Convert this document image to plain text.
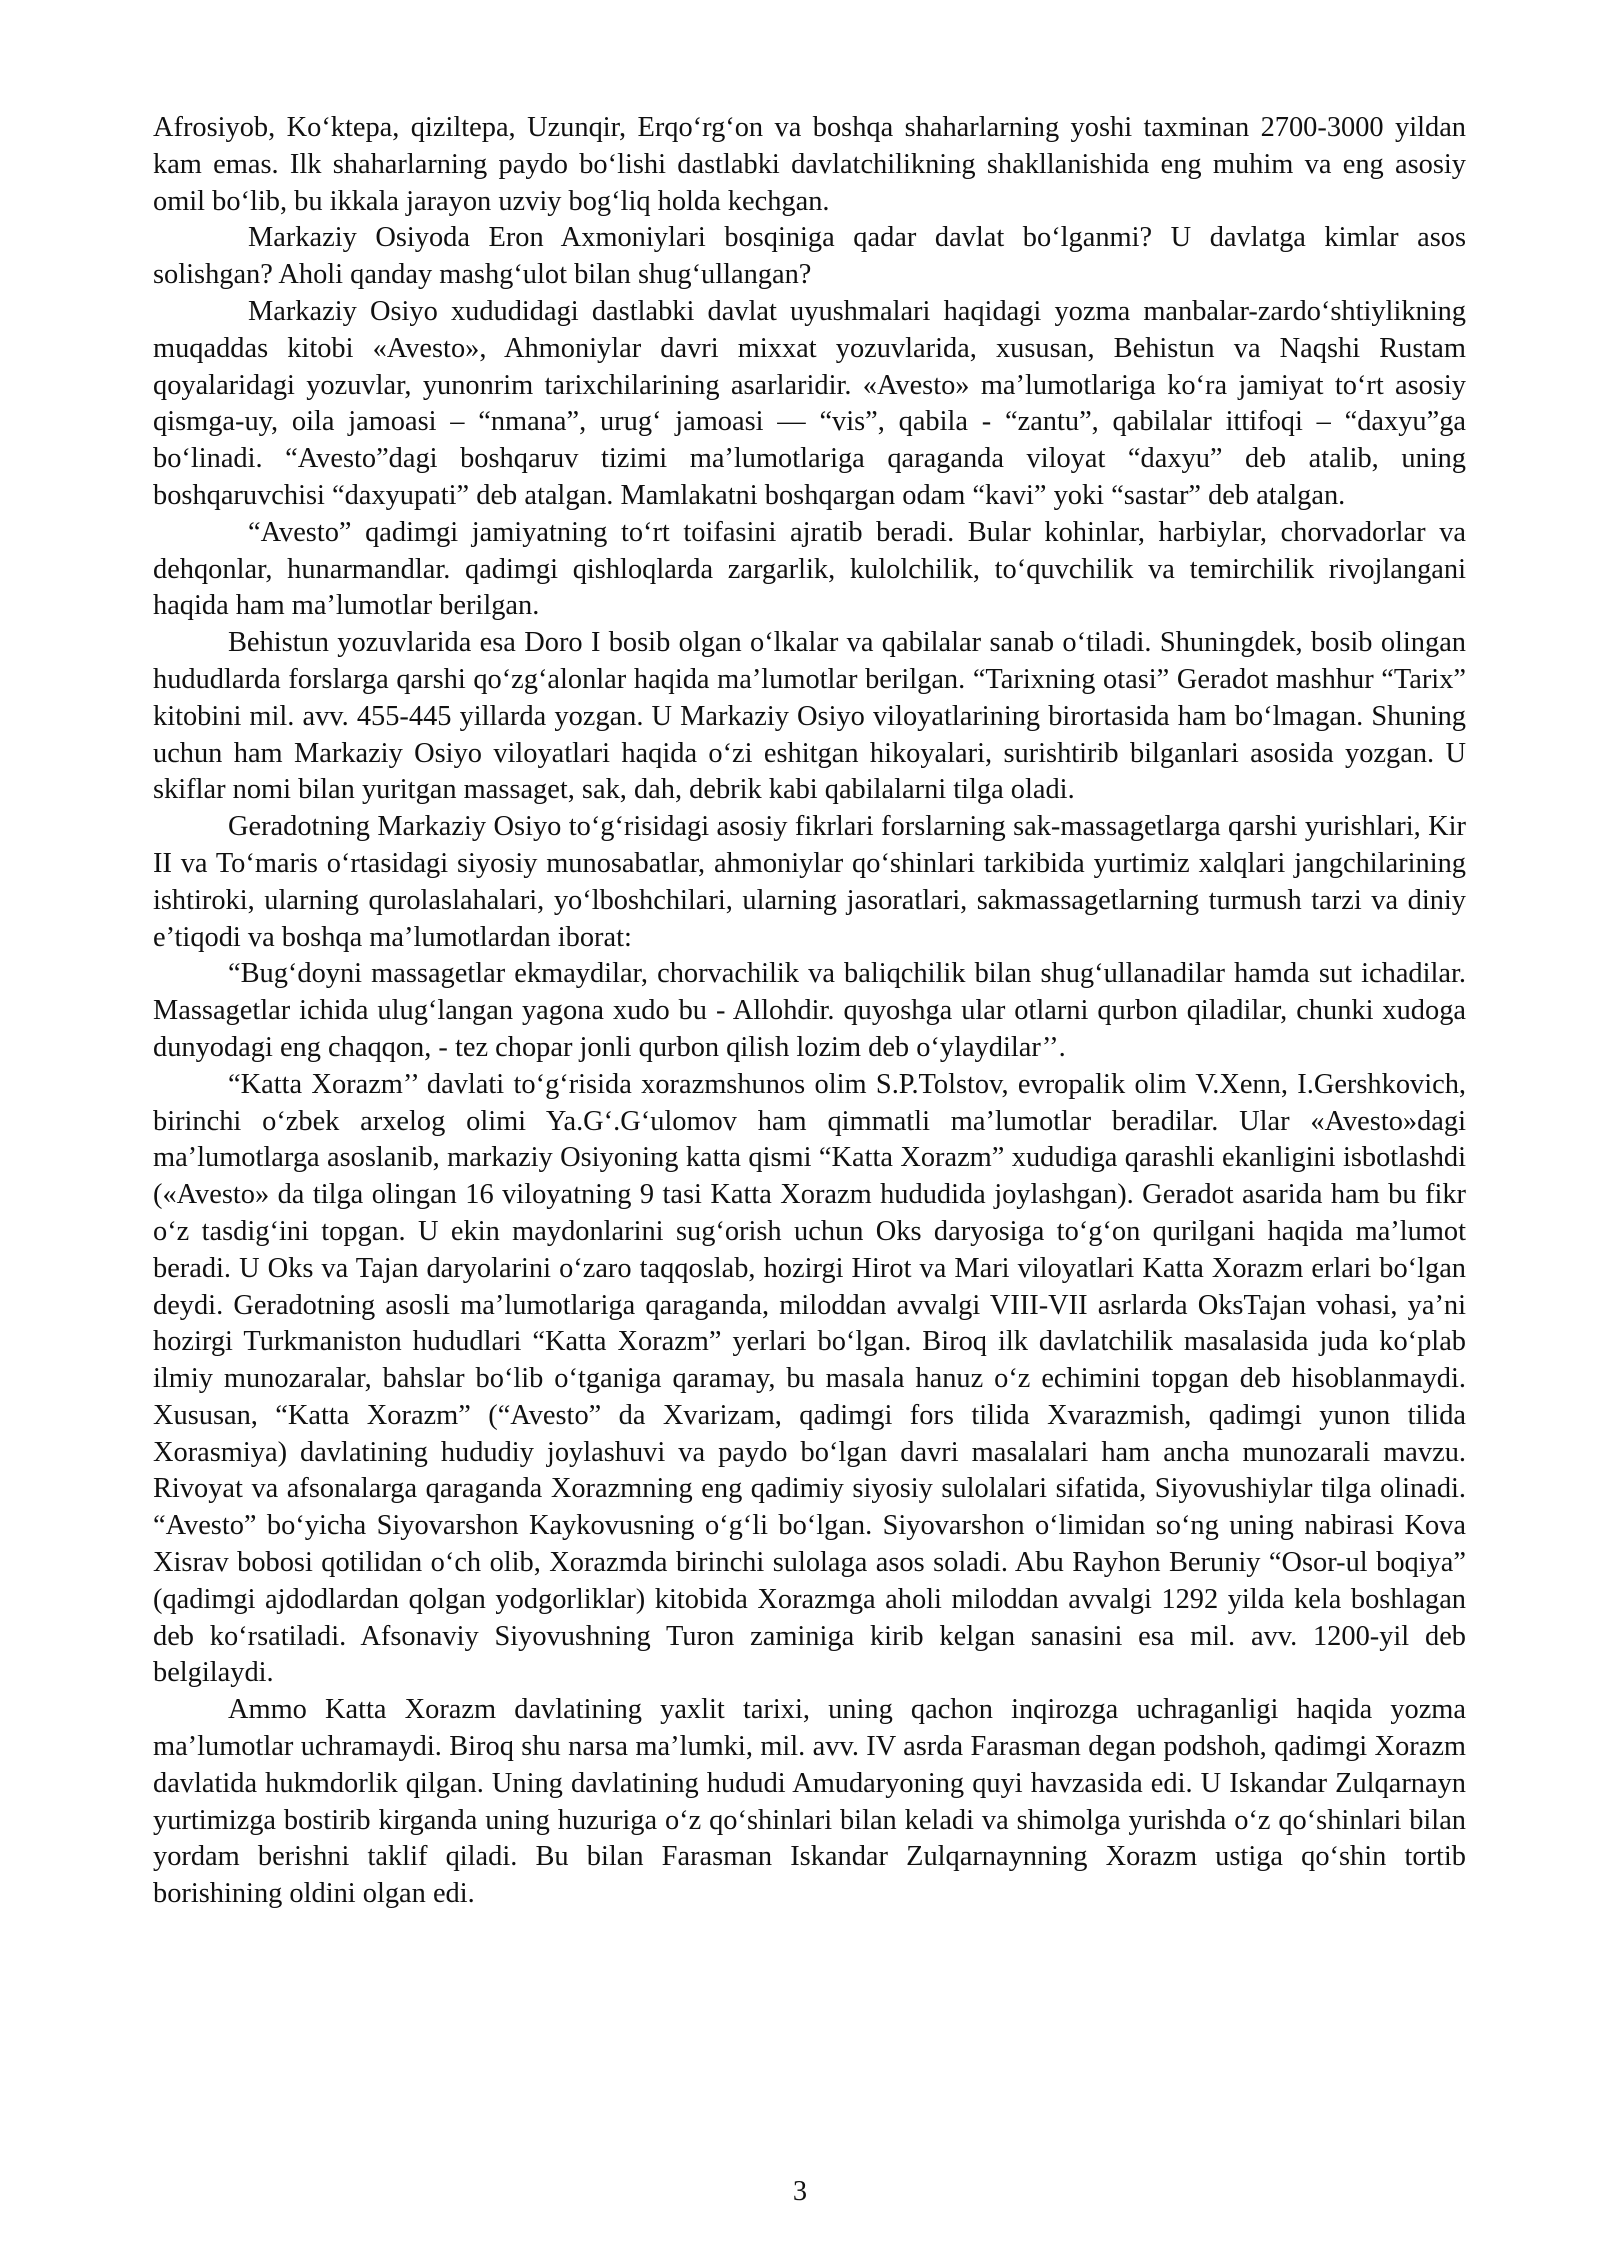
Afrosiyob, Ko‘ktepa, qiziltepa, Uzunqir, Erqo‘rg‘on va boshqa shaharlarning yoshi taxminan 2700-3000 yildan kam emas. Ilk shaharlarning paydo bo‘lishi dastlabki davlatchilikning shakllanishida eng muhim va eng asosiy omil bo‘lib, bu ikkala jarayon uzviy bog‘liq holda kechgan.

Markaziy Osiyoda Eron Axmoniylari bosqiniga qadar davlat bo‘lganmi? U davlatga kimlar asos solishgan? Aholi qanday mashg‘ulot bilan shug‘ullangan?

Markaziy Osiyo xududidagi dastlabki davlat uyushmalari haqidagi yozma manbalar-zardo‘shtiylikning muqaddas kitobi «Avesto», Ahmoniylar davri mixxat yozuvlarida, xususan, Behistun va Naqshi Rustam qoyalaridagi yozuvlar, yunonrim tarixchilarining asarlaridir. «Avesto» ma’lumotlariga ko‘ra jamiyat to‘rt asosiy qismga-uy, oila jamoasi – “nmana”, urug‘ jamoasi — “vis”, qabila - “zantu”, qabilalar ittifoqi – “daxyu”ga bo‘linadi. “Avesto”dagi boshqaruv tizimi ma’lumotlariga qaraganda viloyat “daxyu” deb atalib, uning boshqaruvchisi “daxyupati” deb atalgan. Mamlakatni boshqargan odam “kavi” yoki “sastar” deb atalgan.

“Avesto” qadimgi jamiyatning to‘rt toifasini ajratib beradi. Bular kohinlar, harbiylar, chorvadorlar va dehqonlar, hunarmandlar. qadimgi qishloqlarda zargarlik, kulolchilik, to‘quvchilik va temirchilik rivojlangani haqida ham ma’lumotlar berilgan.

Behistun yozuvlarida esa Doro I bosib olgan o‘lkalar va qabilalar sanab o‘tiladi. Shuningdek, bosib olingan hududlarda forslarga qarshi qo‘zg‘alonlar haqida ma’lumotlar berilgan. “Tarixning otasi” Geradot mashhur “Tarix” kitobini mil. avv. 455-445 yillarda yozgan. U Markaziy Osiyo viloyatlarining birortasida ham bo‘lmagan. Shuning uchun ham Markaziy Osiyo viloyatlari haqida o‘zi eshitgan hikoyalari, surishtirib bilganlari asosida yozgan. U skiflar nomi bilan yuritgan massaget, sak, dah, debrik kabi qabilalarni tilga oladi.

Geradotning Markaziy Osiyo to‘g‘risidagi asosiy fikrlari forslarning sak-massagetlarga qarshi yurishlari, Kir II va To‘maris o‘rtasidagi siyosiy munosabatlar, ahmoniylar qo‘shinlari tarkibida yurtimiz xalqlari jangchilarining ishtiroki, ularning qurolaslahalari, yo‘lboshchilari, ularning jasoratlari, sakmassagetlarning turmush tarzi va diniy e’tiqodi va boshqa ma’lumotlardan iborat:

“Bug‘doyni massagetlar ekmaydilar, chorvachilik va baliqchilik bilan shug‘ullanadilar hamda sut ichadilar. Massagetlar ichida ulug‘langan yagona xudo bu - Allohdir. quyoshga ular otlarni qurbon qiladilar, chunki xudoga dunyodagi eng chaqqon, - tez chopar jonli qurbon qilish lozim deb o‘ylaydilar’’.

“Katta Xorazm’’ davlati to‘g‘risida xorazmshunos olim S.P.Tolstov, evropalik olim V.Xenn, I.Gershkovich, birinchi o‘zbek arxelog olimi Ya.G‘.G‘ulomov ham qimmatli ma’lumotlar beradilar. Ular «Avesto»dagi ma’lumotlarga asoslanib, markaziy Osiyoning katta qismi “Katta Xorazm” xududiga qarashli ekanligini isbotlashdi («Avesto» da tilga olingan 16 viloyatning 9 tasi Katta Xorazm hududida joylashgan). Geradot asarida ham bu fikr o‘z tasdig‘ini topgan. U ekin maydonlarini sug‘orish uchun Oks daryosiga to‘g‘on qurilgani haqida ma’lumot beradi. U Oks va Tajan daryolarini o‘zaro taqqoslab, hozirgi Hirot va Mari viloyatlari Katta Xorazm erlari bo‘lgan deydi. Geradotning asosli ma’lumotlariga qaraganda, miloddan avvalgi VIII-VII asrlarda OksTajan vohasi, ya’ni hozirgi Turkmaniston hududlari “Katta Xorazm” yerlari bo‘lgan. Biroq ilk davlatchilik masalasida juda ko‘plab ilmiy munozaralar, bahslar bo‘lib o‘tganiga qaramay, bu masala hanuz o‘z echimini topgan deb hisoblanmaydi. Xususan, “Katta Xorazm” (“Avesto” da Xvarizam, qadimgi fors tilida Xvarazmish, qadimgi yunon tilida Xorasmiya) davlatining hududiy joylashuvi va paydo bo‘lgan davri masalalari ham ancha munozarali mavzu. Rivoyat va afsonalarga qaraganda Xorazmning eng qadimiy siyosiy sulolalari sifatida, Siyovushiylar tilga olinadi. “Avesto” bo‘yicha Siyovarshon Kaykovusning o‘g‘li bo‘lgan. Siyovarshon o‘limidan so‘ng uning nabirasi Kova Xisrav bobosi qotilidan o‘ch olib, Xorazmda birinchi sulolaga asos soladi. Abu Rayhon Beruniy “Osor-ul boqiya” (qadimgi ajdodlardan qolgan yodgorliklar) kitobida Xorazmga aholi miloddan avvalgi 1292 yilda kela boshlagan deb ko‘rsatiladi. Afsonaviy Siyovushning Turon zaminiga kirib kelgan sanasini esa mil. avv. 1200-yil deb belgilaydi.

Ammo Katta Xorazm davlatining yaxlit tarixi, uning qachon inqirozga uchraganligi haqida yozma ma’lumotlar uchramaydi. Biroq shu narsa ma’lumki, mil. avv. IV asrda Farasman degan podshoh, qadimgi Xorazm davlatida hukmdorlik qilgan. Uning davlatining hududi Amudaryoning quyi havzasida edi. U Iskandar Zulqarnayn yurtimizga bostirib kirganda uning huzuriga o‘z qo‘shinlari bilan keladi va shimolga yurishda o‘z qo‘shinlari bilan yordam berishni taklif qiladi. Bu bilan Farasman Iskandar Zulqarnaynning Xorazm ustiga qo‘shin tortib borishining oldini olgan edi.

3
